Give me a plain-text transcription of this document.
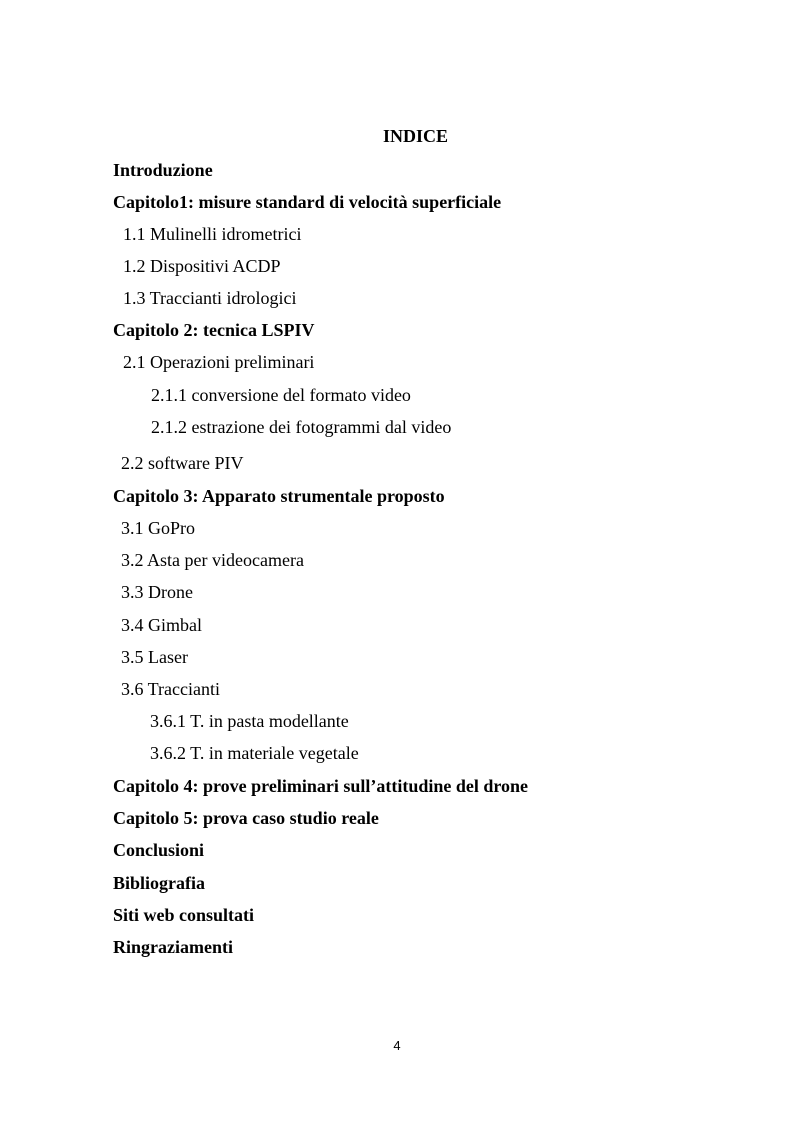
INDICE
Introduzione
Capitolo1: misure standard di velocità superficiale
1.1 Mulinelli idrometrici
1.2 Dispositivi ACDP
1.3 Traccianti idrologici
Capitolo 2: tecnica LSPIV
2.1 Operazioni preliminari
2.1.1 conversione del formato video
2.1.2 estrazione dei fotogrammi dal video
2.2 software PIV
Capitolo 3: Apparato strumentale proposto
3.1 GoPro
3.2 Asta per videocamera
3.3 Drone
3.4 Gimbal
3.5 Laser
3.6 Traccianti
3.6.1 T. in pasta modellante
3.6.2 T. in materiale vegetale
Capitolo 4: prove preliminari sull’attitudine del drone
Capitolo 5: prova caso studio reale
Conclusioni
Bibliografia
Siti web consultati
Ringraziamenti
4
